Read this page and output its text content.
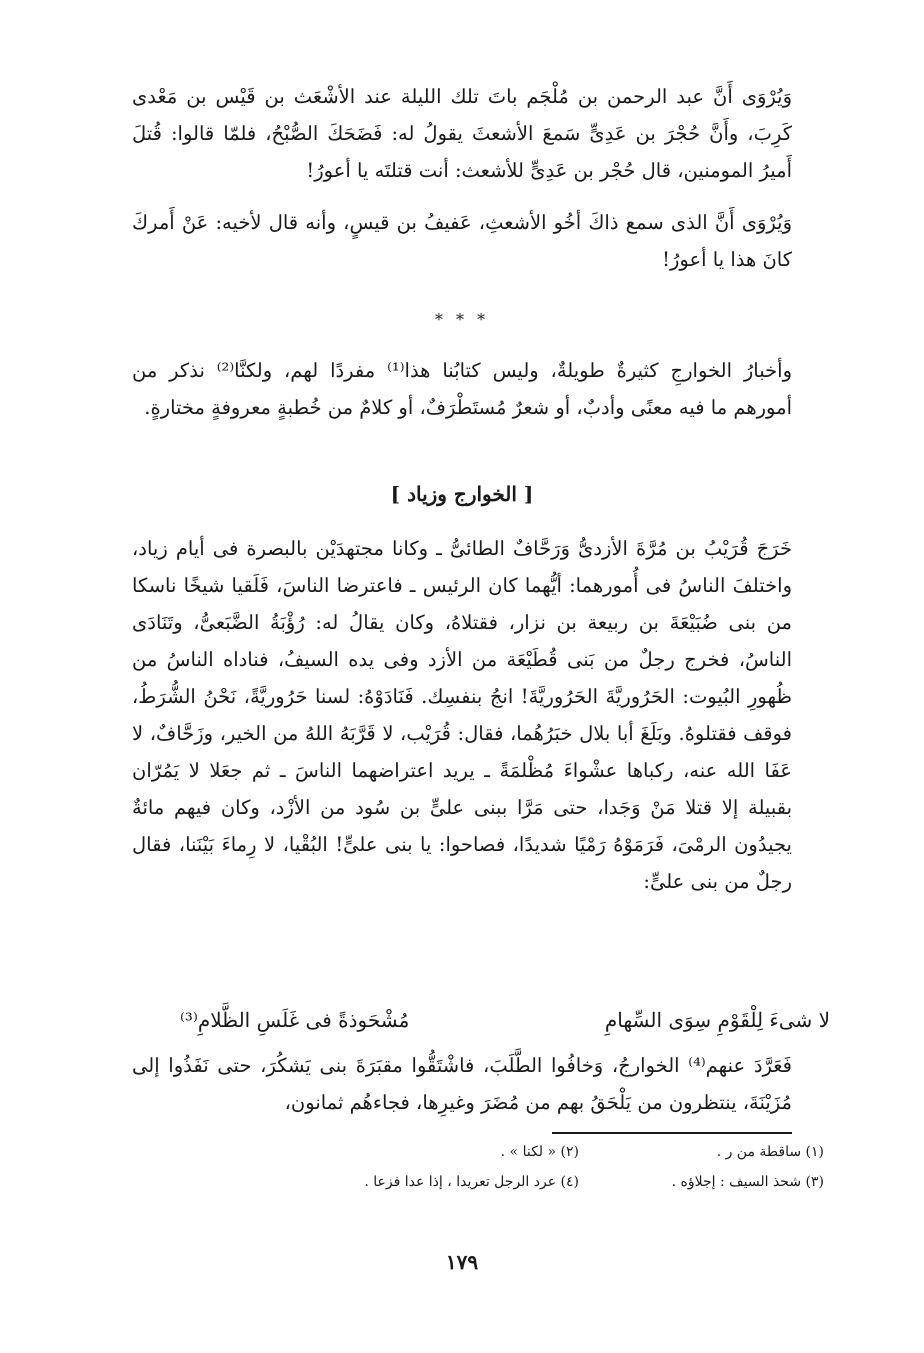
وَيُرْوَى أَنَّ عبد الرحمن بن مُلْجَم باتَ تلك الليلة عند الأشْعَث بن قَيْس بن مَعْدى كَرِبَ، وأَنَّ حُجْرَ بن عَدِىٍّ سَمعَ الأشعثَ يقولُ له: فَضَحَكَ الصُّبْحُ، فلمّا قالوا: قُتلَ أَميرُ المومنين، قال حُجْر بن عَدِىٍّ للأشعث: أنت قتلتَه يا أعورُ!

وَيُرْوَى أَنَّ الذى سمع ذاكَ أخُو الأشعثِ، عَفيفُ بن قيسٍ، وأنه قال لأخيه: عَنْ أَمركَ كانَ هذا يا أعورُ!

* * *

وأخبارُ الخوارجِ كثيرةٌ طويلةٌ، وليس كتابُنا هذا⁽¹⁾ مفردًا لهم، ولكنَّا⁽²⁾ نذكر من أمورهم ما فيه معنًى وأدبٌ، أو شعرٌ مُستَطْرَفٌ، أو كلامٌ من خُطبةٍ معروفةٍ مختارةٍ.

[ الخوارج وزياد ]

خَرَجَ قُرَيْبُ بن مُرَّةَ الأزدىُّ وَرَحَّافٌ الطائىُّ ـ وكانا مجتهدَيْن بالبصرة فى أيام زياد، واختلفَ الناسُ فى أُمورهما: أيُّهما كان الرئيس ـ فاعترضا الناسَ، فَلَقيا شيخًا ناسكا من بنى ضُبَيْعَةَ بن ربيعة بن نزار، فقتلاهُ، وكان يقالُ له: رُؤْبَةُ الضَّبَعىُّ، وتَنَادَى الناسُ، فخرج رجلٌ من بَنى قُطَيْعَة من الأزد وفى يده السيفُ، فناداه الناسُ من ظُهورِ البُيوت: الحَرُوريَّةَ الحَرُوريَّةَ! انجُ بنفسِك. فَنَادَوْهُ: لسنا حَرُوريَّةً، نَحْنُ الشُّرَطُ، فوقف فقتلوهُ. وبَلَغَ أبا بلال خبَرُهُما، فقال: قُرَيْب، لا قَرَّبَهُ اللهُ من الخير، وزَحَّافٌ، لا عَفَا الله عنه، ركباها عشْواءَ مُظْلمَةً ـ يريد اعتراضهما الناسَ ـ ثم جعَلا لا يَمُرّان بقبيلة إلا قتلا مَنْ وَجَدا، حتى مَرَّا ببنى علىٍّ بن سُود من الأزْد، وكان فيهم مائةٌ يجيدُون الرمْىَ، فَرَمَوْهُ رَمْيًا شديدًا، فصاحوا: يا بنى علىٍّ! البُقْيا، لا رِماءَ بَيْنَنا، فقال رجلٌ من بنى علىٍّ:

لا شىءَ لِلْقَوْمِ سِوَى السِّهامِ
مُشْحَوذةً فى غَلَسِ الظَّلامِ⁽³⁾

فَعَرَّدَ عنهم⁽⁴⁾ الخوارجُ، وَخافُوا الطَّلَبَ، فاشْتَقُّوا مقبَرَةَ بنى يَشكُرَ، حتى نَفَذُوا إلى مُزَيْنَةَ، ينتظرون من يَلْحَقُ بهم من مُضَرَ وغيرِها، فجاءهُم ثمانون،

(١) ساقطة من ر .
(٢) « لكنا » .
(٣) شحذ السيف : إجلاؤه .
(٤) عرد الرجل تعريدا ، إذا عدا فزعا .
١٧٩
